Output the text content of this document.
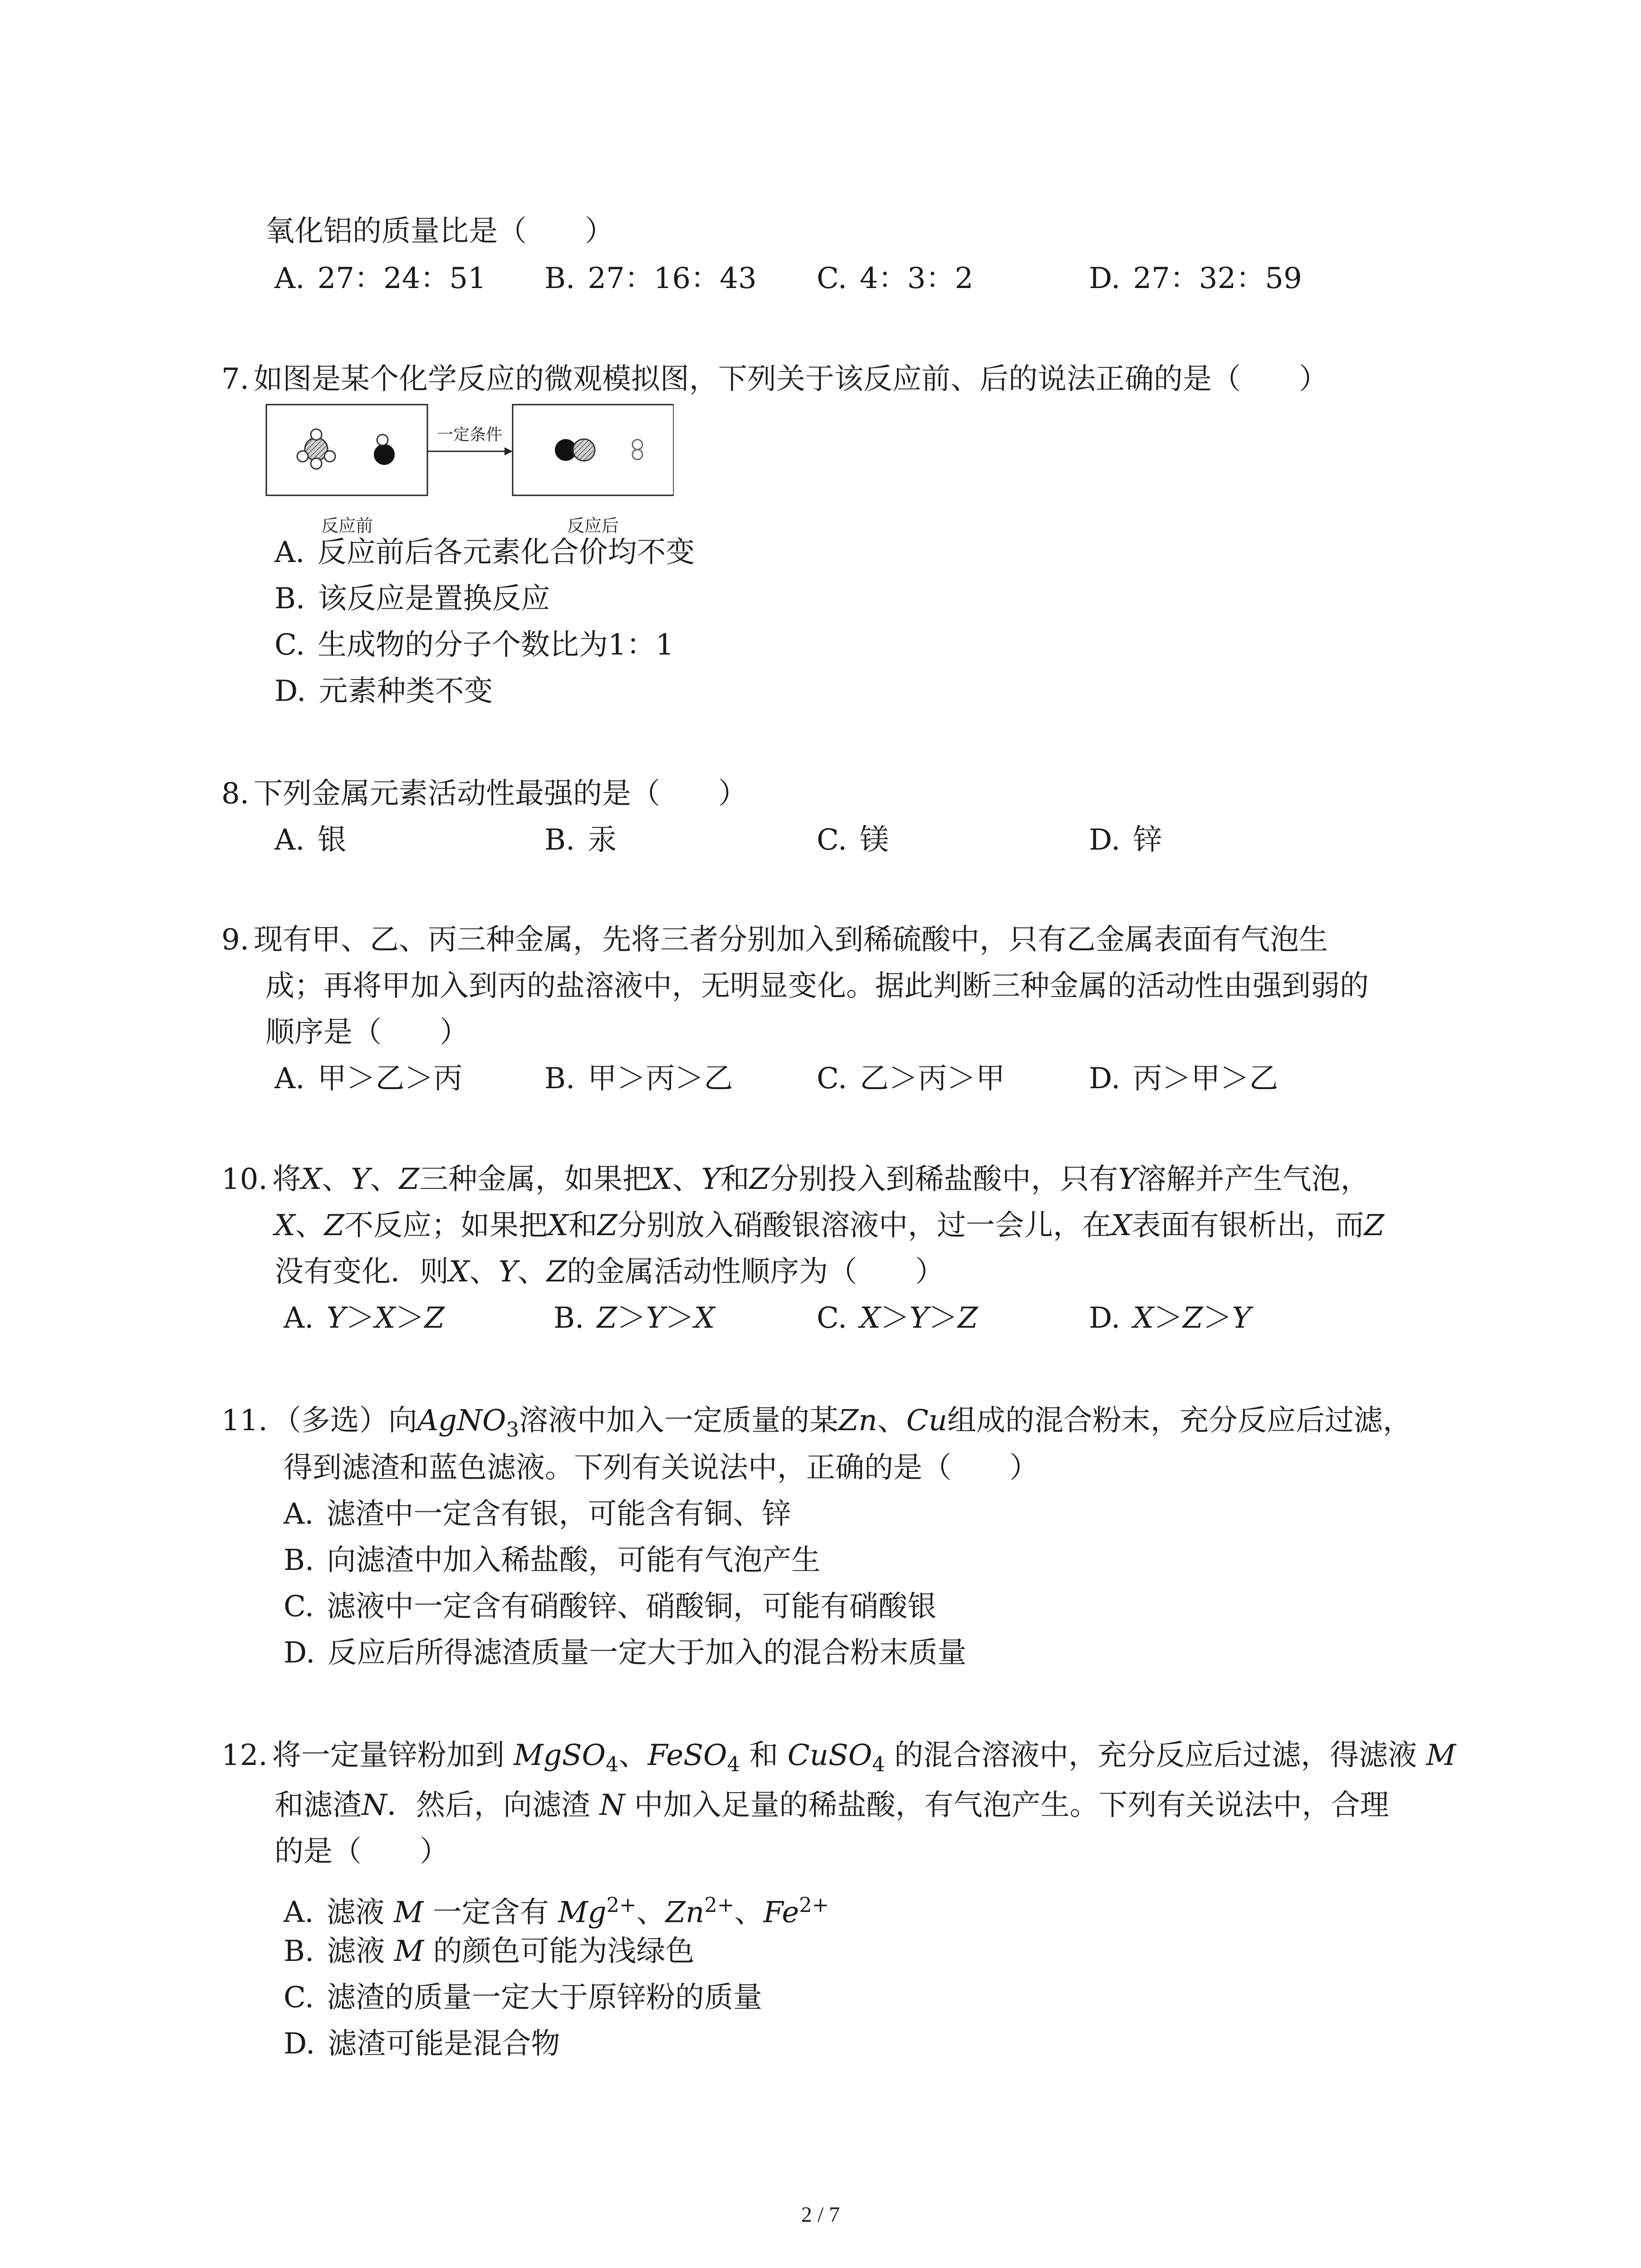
氧化铝的质量比是（　　）
A. 27：24：51 B. 27：16：43 C. 4：3：2	D. 27：32：59
7. 如图是某个化学反应的微观模拟图，下列关于该反应前、后的说法正确的是（　　）
一定条件
反应前	反应后
A. 反应前后各元素化合价均不变
B. 该反应是置换反应
C. 生成物的分子个数比为1：1
D. 元素种类不变
8. 下列金属元素活动性最强的是（　　）
A. 银	B. 汞	C. 镁	D. 锌
9. 现有甲、乙、丙三种金属，先将三者分别加入到稀硫酸中，只有乙金属表面有气泡生
成；再将甲加入到丙的盐溶液中，无明显变化。据此判断三种金属的活动性由强到弱的
顺序是（　　）
A. 甲＞乙＞丙	B. 甲＞丙＞乙	C. 乙＞丙＞甲	D. 丙＞甲＞乙
10. 将X、Y、Z三种金属，如果把X、Y和Z分别投入到稀盐酸中，只有Y溶解并产生气泡，
X、Z不反应；如果把X和Z分别放入硝酸银溶液中，过一会儿，在X表面有银析出，而Z
没有变化．则X、Y、Z的金属活动性顺序为（　　）
A. Y＞X＞Z	B. Z＞Y＞X	C. X＞Y＞Z	D. X＞Z＞Y
11. （多选）向AgNO$_3$溶液中加入一定质量的某Zn、Cu组成的混合粉末，充分反应后过滤，
得到滤渣和蓝色滤液。下列有关说法中，正确的是（　　）
A. 滤渣中一定含有银，可能含有铜、锌
B. 向滤渣中加入稀盐酸，可能有气泡产生
C. 滤液中一定含有硝酸锌、硝酸铜，可能有硝酸银
D. 反应后所得滤渣质量一定大于加入的混合粉末质量
12. 将一定量锌粉加到 MgSO$_4$、FeSO$_4$ 和 CuSO$_4$ 的混合溶液中，充分反应后过滤，得滤液 M
和滤渣N．然后，向滤渣 N 中加入足量的稀盐酸，有气泡产生。下列有关说法中，合理
的是（　　）
A. 滤液 M 一定含有 $Mg^{2+}$、$Zn^{2+}$、$Fe^{2+}$
B. 滤液 M 的颜色可能为浅绿色
C. 滤渣的质量一定大于原锌粉的质量
D. 滤渣可能是混合物
2 / 7
